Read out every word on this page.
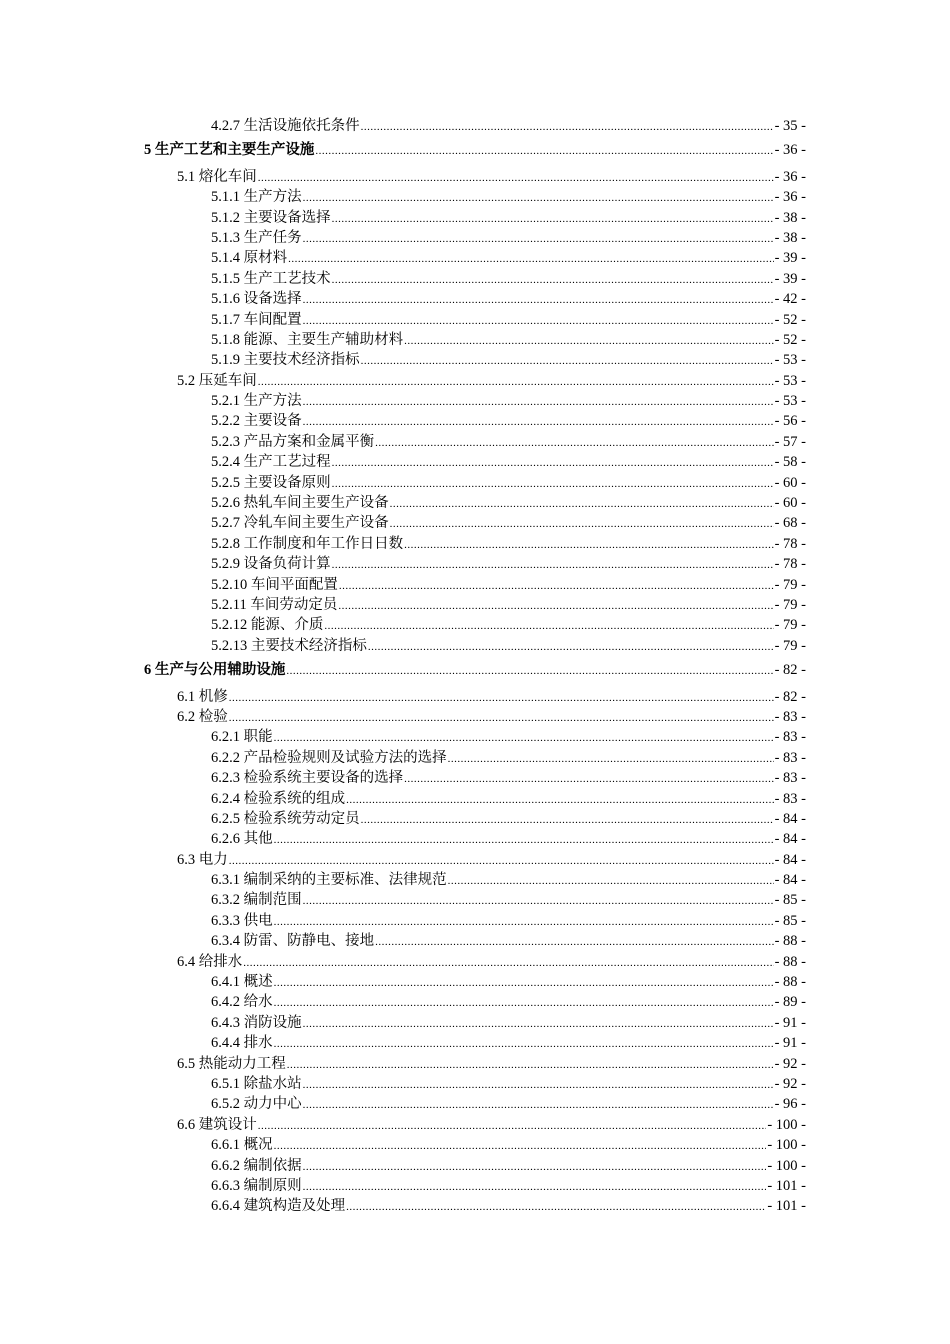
4.2.7 生活设施依托条件 .....	- 35 -
5 生产工艺和主要生产设施 .....	- 36 -
5.1 熔化车间 .....	- 36 -
5.1.1 生产方法 .....	- 36 -
5.1.2 主要设备选择 .....	- 38 -
5.1.3 生产任务 .....	- 38 -
5.1.4 原材料 .....	- 39 -
5.1.5 生产工艺技术 .....	- 39 -
5.1.6 设备选择 .....	- 42 -
5.1.7 车间配置 .....	- 52 -
5.1.8 能源、主要生产辅助材料 .....	- 52 -
5.1.9 主要技术经济指标 .....	- 53 -
5.2 压延车间 .....	- 53 -
5.2.1 生产方法 .....	- 53 -
5.2.2 主要设备 .....	- 56 -
5.2.3 产品方案和金属平衡 .....	- 57 -
5.2.4 生产工艺过程 .....	- 58 -
5.2.5 主要设备原则 .....	- 60 -
5.2.6 热轧车间主要生产设备 .....	- 60 -
5.2.7 冷轧车间主要生产设备 .....	- 68 -
5.2.8 工作制度和年工作日日数 .....	- 78 -
5.2.9 设备负荷计算 .....	- 78 -
5.2.10 车间平面配置 .....	- 79 -
5.2.11 车间劳动定员 .....	- 79 -
5.2.12 能源、介质 .....	- 79 -
5.2.13 主要技术经济指标 .....	- 79 -
6 生产与公用辅助设施 .....	- 82 -
6.1 机修 .....	- 82 -
6.2 检验 .....	- 83 -
6.2.1 职能 .....	- 83 -
6.2.2 产品检验规则及试验方法的选择 .....	- 83 -
6.2.3 检验系统主要设备的选择 .....	- 83 -
6.2.4 检验系统的组成 .....	- 83 -
6.2.5 检验系统劳动定员 .....	- 84 -
6.2.6 其他 .....	- 84 -
6.3 电力 .....	- 84 -
6.3.1 编制采纳的主要标准、法律规范 .....	- 84 -
6.3.2 编制范围 .....	- 85 -
6.3.3 供电 .....	- 85 -
6.3.4 防雷、防静电、接地 .....	- 88 -
6.4 给排水 .....	- 88 -
6.4.1 概述 .....	- 88 -
6.4.2 给水 .....	- 89 -
6.4.3 消防设施 .....	- 91 -
6.4.4 排水 .....	- 91 -
6.5 热能动力工程 .....	- 92 -
6.5.1 除盐水站 .....	- 92 -
6.5.2 动力中心 .....	- 96 -
6.6 建筑设计 .....	- 100 -
6.6.1 概况 .....	- 100 -
6.6.2 编制依据 .....	- 100 -
6.6.3 编制原则 .....	- 101 -
6.6.4 建筑构造及处理 .....	- 101 -
